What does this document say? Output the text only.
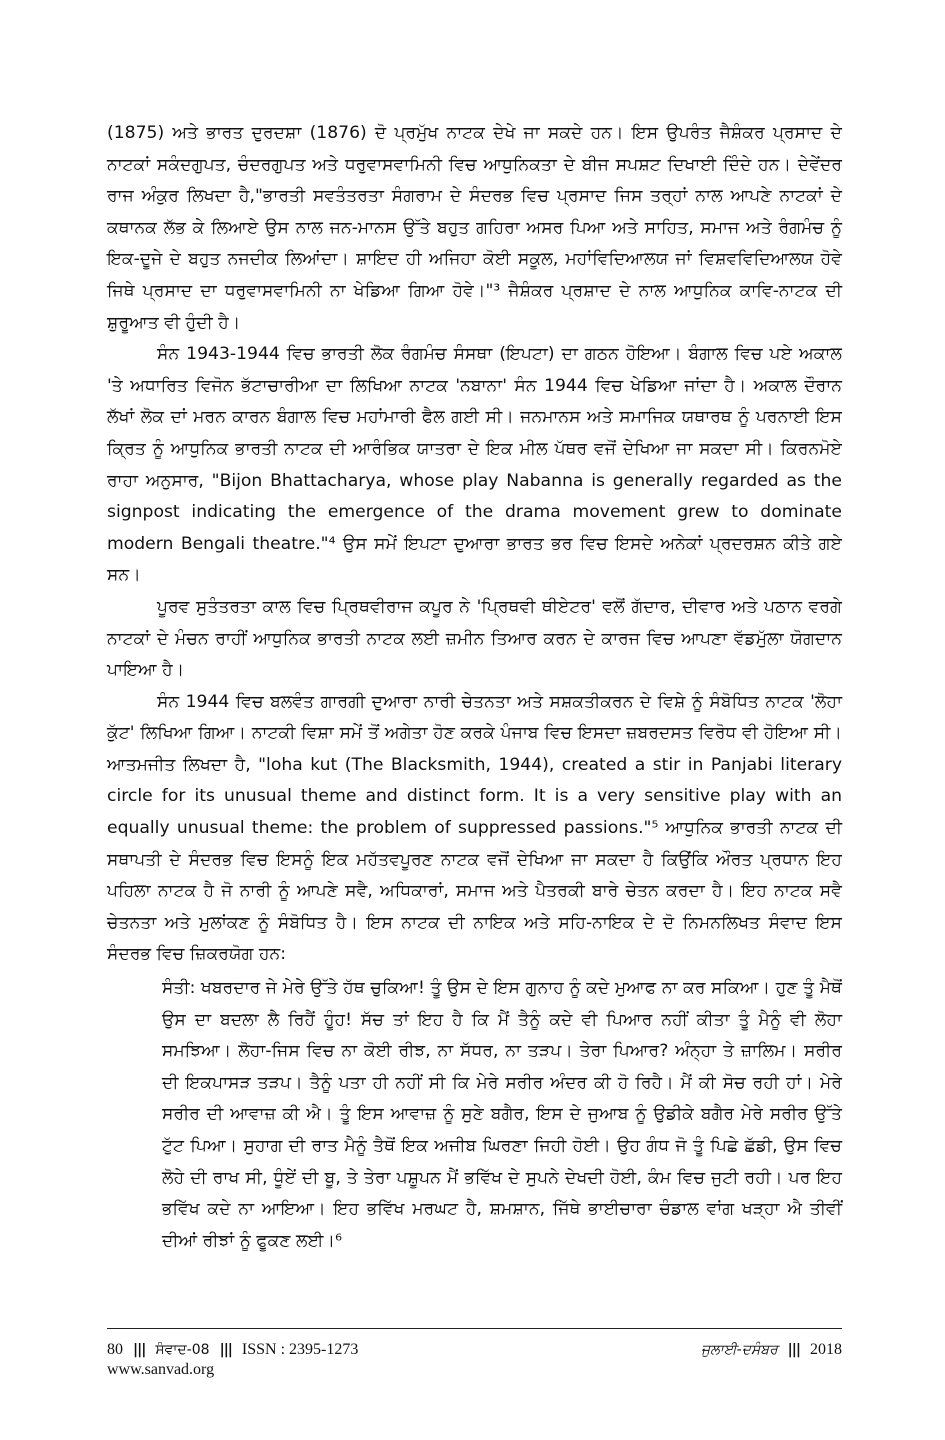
(1875) ਅਤੇ ਭਾਰਤ ਦੁਰਦਸ਼ਾ (1876) ਦੋ ਪ੍ਰਮੁੱਖ ਨਾਟਕ ਦੇਖੇ ਜਾ ਸਕਦੇ ਹਨ। ਇਸ ਉਪਰੰਤ ਜੈਸ਼ੰਕਰ ਪ੍ਰਸਾਦ ਦੇ ਨਾਟਕਾਂ ਸਕੰਦਗੁਪਤ, ਚੰਦਰਗੁਪਤ ਅਤੇ ਧਰੁਵਾਸਵਾਮਿਨੀ ਵਿਚ ਆਧੁਨਿਕਤਾ ਦੇ ਬੀਜ ਸਪਸ਼ਟ ਦਿਖਾਈ ਦਿੰਦੇ ਹਨ। ਦੇਵੇਂਦਰ ਰਾਜ ਅੰਕੁਰ ਲਿਖਦਾ ਹੈ,"ਭਾਰਤੀ ਸਵਤੰਤਰਤਾ ਸੰਗਰਾਮ ਦੇ ਸੰਦਰਭ ਵਿਚ ਪ੍ਰਸਾਦ ਜਿਸ ਤਰ੍ਹਾਂ ਨਾਲ ਆਪਣੇ ਨਾਟਕਾਂ ਦੇ ਕਥਾਨਕ ਲੱਭ ਕੇ ਲਿਆਏ ਉਸ ਨਾਲ ਜਨ-ਮਾਨਸ ਉੱਤੇ ਬਹੁਤ ਗਹਿਰਾ ਅਸਰ ਪਿਆ ਅਤੇ ਸਾਹਿਤ, ਸਮਾਜ ਅਤੇ ਰੰਗਮੰਚ ਨੂੰ ਇਕ-ਦੂਜੇ ਦੇ ਬਹੁਤ ਨਜਦੀਕ ਲਿਆਂਦਾ। ਸ਼ਾਇਦ ਹੀ ਅਜਿਹਾ ਕੋਈ ਸਕੂਲ, ਮਹਾਂਵਿਦਿਆਲਯ ਜਾਂ ਵਿਸ਼ਵਵਿਦਿਆਲਯ ਹੋਵੇ ਜਿਥੇ ਪ੍ਰਸਾਦ ਦਾ ਧਰੁਵਾਸਵਾਮਿਨੀ ਨਾ ਖੇਡਿਆ ਗਿਆ ਹੋਵੇ।"³ ਜੈਸ਼ੰਕਰ ਪ੍ਰਸ਼ਾਦ ਦੇ ਨਾਲ ਆਧੁਨਿਕ ਕਾਵਿ-ਨਾਟਕ ਦੀ ਸ਼ੁਰੂਆਤ ਵੀ ਹੁੰਦੀ ਹੈ।

ਸੰਨ 1943-1944 ਵਿਚ ਭਾਰਤੀ ਲੋਕ ਰੰਗਮੰਚ ਸੰਸਥਾ (ਇਪਟਾ) ਦਾ ਗਠਨ ਹੋਇਆ। ਬੰਗਾਲ ਵਿਚ ਪਏ ਅਕਾਲ 'ਤੇ ਅਧਾਰਿਤ ਵਿਜੋਨ ਭੱਟਾਚਾਰੀਆ ਦਾ ਲਿਖਿਆ ਨਾਟਕ 'ਨਬਾਨਾ' ਸੰਨ 1944 ਵਿਚ ਖੇਡਿਆ ਜਾਂਦਾ ਹੈ। ਅਕਾਲ ਦੌਰਾਨ ਲੱਖਾਂ ਲੋਕ ਦਾਂ ਮਰਨ ਕਾਰਨ ਬੰਗਾਲ ਵਿਚ ਮਹਾਂਮਾਰੀ ਫੈਲ ਗਈ ਸੀ। ਜਨਮਾਨਸ ਅਤੇ ਸਮਾਜਿਕ ਯਥਾਰਥ ਨੂੰ ਪਰਨਾਈ ਇਸ ਕ੍ਰਿਤ ਨੂੰ ਆਧੁਨਿਕ ਭਾਰਤੀ ਨਾਟਕ ਦੀ ਆਰੰਭਿਕ ਯਾਤਰਾ ਦੇ ਇਕ ਮੀਲ ਪੱਥਰ ਵਜੋਂ ਦੇਖਿਆ ਜਾ ਸਕਦਾ ਸੀ। ਕਿਰਨਮੋਏ ਰਾਹਾ ਅਨੁਸਾਰ, "Bijon Bhattacharya, whose play Nabanna is generally regarded as the signpost indicating the emergence of the drama movement grew to dominate modern Bengali theatre."⁴ ਉਸ ਸਮੇਂ ਇਪਟਾ ਦੁਆਰਾ ਭਾਰਤ ਭਰ ਵਿਚ ਇਸਦੇ ਅਨੇਕਾਂ ਪ੍ਰਦਰਸ਼ਨ ਕੀਤੇ ਗਏ ਸਨ।

ਪੂਰਵ ਸੁਤੰਤਰਤਾ ਕਾਲ ਵਿਚ ਪ੍ਰਿਥਵੀਰਾਜ ਕਪੂਰ ਨੇ 'ਪ੍ਰਿਥਵੀ ਥੀਏਟਰ' ਵਲੋਂ ਗੱਦਾਰ, ਦੀਵਾਰ ਅਤੇ ਪਠਾਨ ਵਰਗੇ ਨਾਟਕਾਂ ਦੇ ਮੰਚਨ ਰਾਹੀਂ ਆਧੁਨਿਕ ਭਾਰਤੀ ਨਾਟਕ ਲਈ ਜ਼ਮੀਨ ਤਿਆਰ ਕਰਨ ਦੇ ਕਾਰਜ ਵਿਚ ਆਪਣਾ ਵੱਡਮੁੱਲਾ ਯੋਗਦਾਨ ਪਾਇਆ ਹੈ।

ਸੰਨ 1944 ਵਿਚ ਬਲਵੰਤ ਗਾਰਗੀ ਦੁਆਰਾ ਨਾਰੀ ਚੇਤਨਤਾ ਅਤੇ ਸਸ਼ਕਤੀਕਰਨ ਦੇ ਵਿਸ਼ੇ ਨੂੰ ਸੰਬੋਧਿਤ ਨਾਟਕ 'ਲੋਹਾ ਕੁੱਟ' ਲਿਖਿਆ ਗਿਆ। ਨਾਟਕੀ ਵਿਸ਼ਾ ਸਮੇਂ ਤੋਂ ਅਗੇਤਾ ਹੋਣ ਕਰਕੇ ਪੰਜਾਬ ਵਿਚ ਇਸਦਾ ਜ਼ਬਰਦਸਤ ਵਿਰੋਧ ਵੀ ਹੋਇਆ ਸੀ। ਆਤਮਜੀਤ ਲਿਖਦਾ ਹੈ, "loha kut (The Blacksmith, 1944), created a stir in Panjabi literary circle for its unusual theme and distinct form. It is a very sensitive play with an equally unusual theme: the problem of suppressed passions."⁵ ਆਧੁਨਿਕ ਭਾਰਤੀ ਨਾਟਕ ਦੀ ਸਥਾਪਤੀ ਦੇ ਸੰਦਰਭ ਵਿਚ ਇਸਨੂੰ ਇਕ ਮਹੱਤਵਪੂਰਣ ਨਾਟਕ ਵਜੋਂ ਦੇਖਿਆ ਜਾ ਸਕਦਾ ਹੈ ਕਿਉਂਕਿ ਔਰਤ ਪ੍ਰਧਾਨ ਇਹ ਪਹਿਲਾ ਨਾਟਕ ਹੈ ਜੋ ਨਾਰੀ ਨੂੰ ਆਪਣੇ ਸਵੈ, ਅਧਿਕਾਰਾਂ, ਸਮਾਜ ਅਤੇ ਪੈਤਰਕੀ ਬਾਰੇ ਚੇਤਨ ਕਰਦਾ ਹੈ। ਇਹ ਨਾਟਕ ਸਵੈ ਚੇਤਨਤਾ ਅਤੇ ਮੁਲਾਂਕਣ ਨੂੰ ਸੰਬੋਧਿਤ ਹੈ। ਇਸ ਨਾਟਕ ਦੀ ਨਾਇਕ ਅਤੇ ਸਹਿ-ਨਾਇਕ ਦੇ ਦੋ ਨਿਮਨਲਿਖਤ ਸੰਵਾਦ ਇਸ ਸੰਦਰਭ ਵਿਚ ਜ਼ਿਕਰਯੋਗ ਹਨ:

ਸੰਤੀ: ਖਬਰਦਾਰ ਜੇ ਮੇਰੇ ਉੱਤੇ ਹੱਥ ਚੁਕਿਆ! ਤੂੰ ਉਸ ਦੇ ਇਸ ਗੁਨਾਹ ਨੂੰ ਕਦੇ ਮੁਆਫ ਨਾ ਕਰ ਸਕਿਆ। ਹੁਣ ਤੂੰ ਮੈਥੋਂ ਉਸ ਦਾ ਬਦਲਾ ਲੈ ਰਿਹੈਂ ਹੂੰਹ! ਸੱਚ ਤਾਂ ਇਹ ਹੈ ਕਿ ਮੈਂ ਤੈਨੂੰ ਕਦੇ ਵੀ ਪਿਆਰ ਨਹੀਂ ਕੀਤਾ ਤੂੰ ਮੈਨੂੰ ਵੀ ਲੋਹਾ ਸਮਝਿਆ। ਲੋਹਾ-ਜਿਸ ਵਿਚ ਨਾ ਕੋਈ ਰੀਝ, ਨਾ ਸੱਧਰ, ਨਾ ਤੜਪ। ਤੇਰਾ ਪਿਆਰ? ਅੰਨ੍ਹਾ ਤੇ ਜ਼ਾਲਿਮ। ਸਰੀਰ ਦੀ ਇਕਪਾਸੜ ਤੜਪ। ਤੈਨੂੰ ਪਤਾ ਹੀ ਨਹੀਂ ਸੀ ਕਿ ਮੇਰੇ ਸਰੀਰ ਅੰਦਰ ਕੀ ਹੋ ਰਿਹੈ। ਮੈਂ ਕੀ ਸੋਚ ਰਹੀ ਹਾਂ। ਮੇਰੇ ਸਰੀਰ ਦੀ ਆਵਾਜ਼ ਕੀ ਐ। ਤੂੰ ਇਸ ਆਵਾਜ਼ ਨੂੰ ਸੁਣੇ ਬਗੈਰ, ਇਸ ਦੇ ਜੁਆਬ ਨੂੰ ਉਡੀਕੇ ਬਗੈਰ ਮੇਰੇ ਸਰੀਰ ਉੱਤੇ ਟੁੱਟ ਪਿਆ। ਸੁਹਾਗ ਦੀ ਰਾਤ ਮੈਨੂੰ ਤੈਥੋਂ ਇਕ ਅਜੀਬ ਘਿਰਣਾ ਜਿਹੀ ਹੋਈ। ਉਹ ਗੰਧ ਜੋ ਤੂੰ ਪਿਛੇ ਛੱਡੀ, ਉਸ ਵਿਚ ਲੋਹੇ ਦੀ ਰਾਖ ਸੀ, ਧੂੰਏਂ ਦੀ ਬੂ, ਤੇ ਤੇਰਾ ਪਸ਼ੂਪਨ ਮੈਂ ਭਵਿੱਖ ਦੇ ਸੁਪਨੇ ਦੇਖਦੀ ਹੋਈ, ਕੰਮ ਵਿਚ ਜੁਟੀ ਰਹੀ। ਪਰ ਇਹ ਭਵਿੱਖ ਕਦੇ ਨਾ ਆਇਆ। ਇਹ ਭਵਿੱਖ ਮਰਘਟ ਹੈ, ਸ਼ਮਸ਼ਾਨ, ਜਿੱਥੇ ਭਾਈਚਾਰਾ ਚੰਡਾਲ ਵਾਂਗ ਖੜ੍ਹਾ ਐ ਤੀਵੀਂ ਦੀਆਂ ਰੀਝਾਂ ਨੂੰ ਫੂਕਣ ਲਈ।⁶

80 ||| ਸੰਵਾਦ-08 ||| ISSN : 2395-1273
www.sanvad.org
ਜੁਲਾਈ-ਦਸੰਬਰ ||| 2018
